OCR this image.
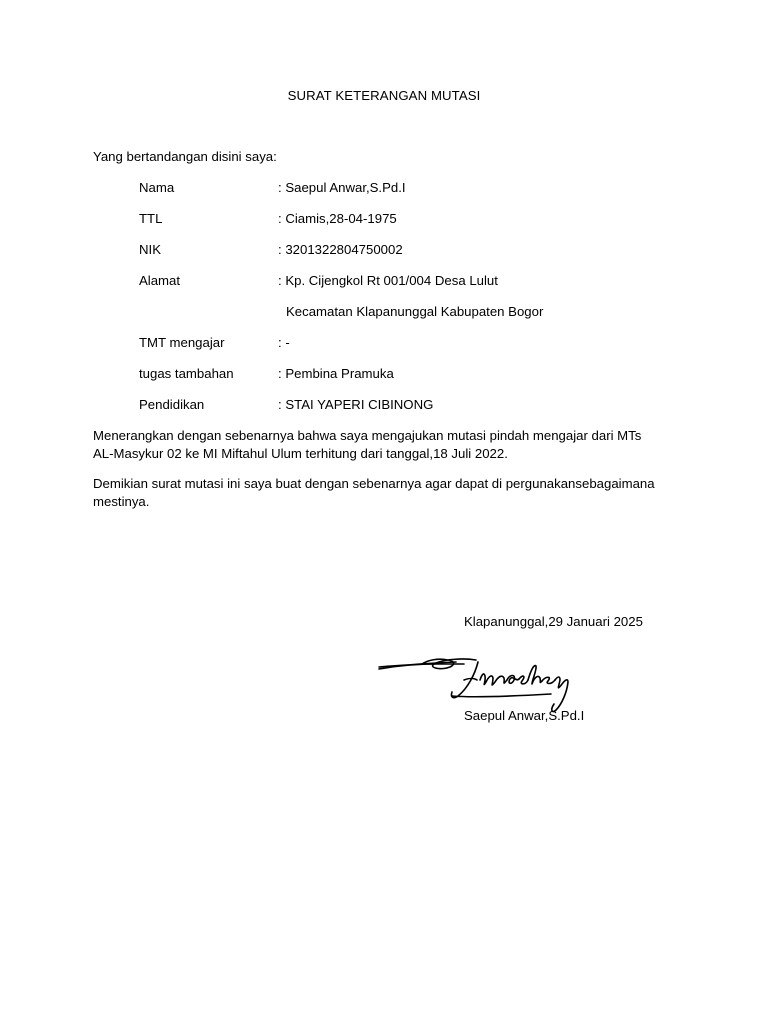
SURAT KETERANGAN MUTASI
Yang bertandangan disini saya:
Nama	: Saepul Anwar,S.Pd.I
TTL	: Ciamis,28-04-1975
NIK	: 3201322804750002
Alamat	: Kp. Cijengkol Rt 001/004 Desa Lulut
Kecamatan Klapanunggal Kabupaten Bogor
TMT mengajar	: -
tugas tambahan	: Pembina Pramuka
Pendidikan	: STAI YAPERI CIBINONG
Menerangkan dengan sebenarnya bahwa saya mengajukan mutasi pindah mengajar dari MTs AL-Masykur 02 ke MI Miftahul Ulum terhitung dari tanggal,18 Juli 2022.
Demikian surat mutasi ini saya buat dengan sebenarnya agar dapat di pergunakansebagaimana mestinya.
Klapanunggal,29 Januari 2025
Saepul Anwar,S.Pd.I
